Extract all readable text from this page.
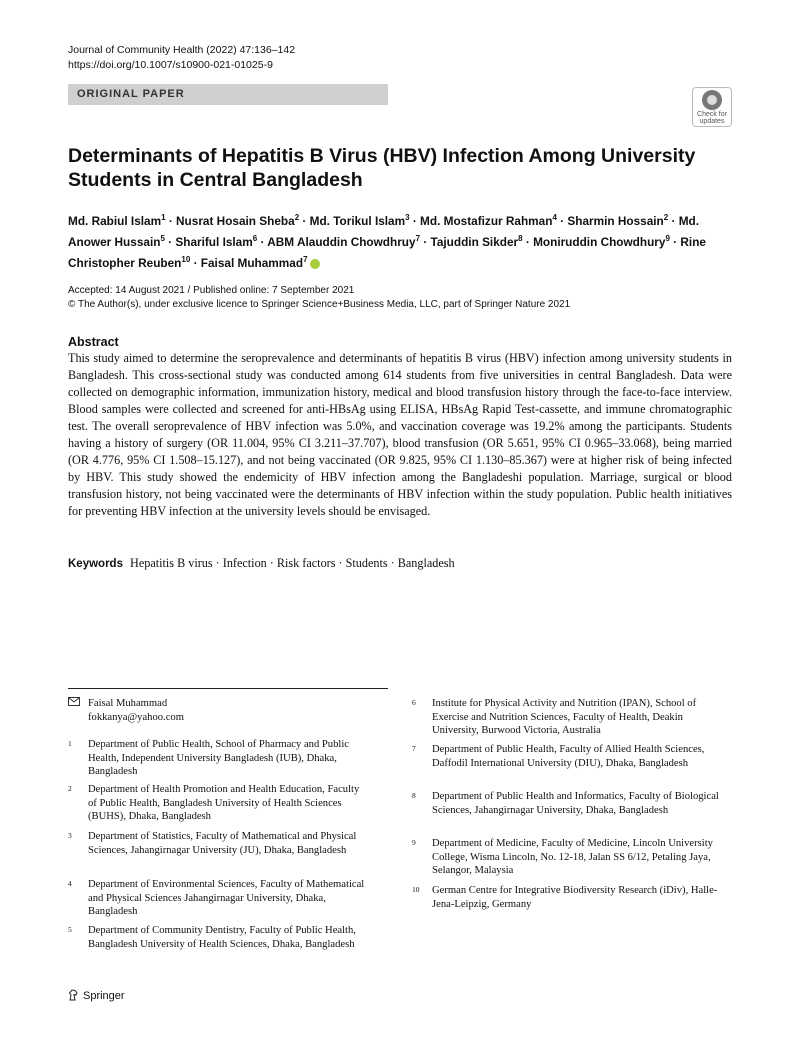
Journal of Community Health (2022) 47:136–142
https://doi.org/10.1007/s10900-021-01025-9
ORIGINAL PAPER
Check for updates
Determinants of Hepatitis B Virus (HBV) Infection Among University Students in Central Bangladesh
Md. Rabiul Islam$^1$ · Nusrat Hosain Sheba$^2$ · Md. Torikul Islam$^3$ · Md. Mostafizur Rahman$^4$ · Sharmin Hossain$^2$ · Md. Anower Hussain$^5$ · Shariful Islam$^6$ · ABM Alauddin Chowdhruy$^7$ · Tajuddin Sikder$^8$ · Moniruddin Chowdhury$^9$ · Rine Christopher Reuben$^{10}$ · Faisal Muhammad$^7$
Accepted: 14 August 2021 / Published online: 7 September 2021
© The Author(s), under exclusive licence to Springer Science+Business Media, LLC, part of Springer Nature 2021
Abstract
This study aimed to determine the seroprevalence and determinants of hepatitis B virus (HBV) infection among university students in Bangladesh. This cross-sectional study was conducted among 614 students from five universities in central Bangladesh. Data were collected on demographic information, immunization history, medical and blood transfusion history through the face-to-face interview. Blood samples were collected and screened for anti-HBsAg using ELISA, HBsAg Rapid Test-cassette, and immune chromatographic test. The overall seroprevalence of HBV infection was 5.0%, and vaccination coverage was 19.2% among the participants. Students having a history of surgery (OR 11.004, 95% CI 3.211–37.707), blood transfusion (OR 5.651, 95% CI 0.965–33.068), being married (OR 4.776, 95% CI 1.508–15.127), and not being vaccinated (OR 9.825, 95% CI 1.130–85.367) were at higher risk of being infected by HBV. This study showed the endemicity of HBV infection among the Bangladeshi population. Marriage, surgical or blood transfusion history, not being vaccinated were the determinants of HBV infection within the study population. Public health initiatives for preventing HBV infection at the university levels should be envisaged.
Keywords Hepatitis B virus · Infection · Risk factors · Students · Bangladesh
Faisal Muhammad
fokkanya@yahoo.com
1 Department of Public Health, School of Pharmacy and Public Health, Independent University Bangladesh (IUB), Dhaka, Bangladesh
2 Department of Health Promotion and Health Education, Faculty of Public Health, Bangladesh University of Health Sciences (BUHS), Dhaka, Bangladesh
3 Department of Statistics, Faculty of Mathematical and Physical Sciences, Jahangirnagar University (JU), Dhaka, Bangladesh
4 Department of Environmental Sciences, Faculty of Mathematical and Physical Sciences Jahangirnagar University, Dhaka, Bangladesh
5 Department of Community Dentistry, Faculty of Public Health, Bangladesh University of Health Sciences, Dhaka, Bangladesh
6 Institute for Physical Activity and Nutrition (IPAN), School of Exercise and Nutrition Sciences, Faculty of Health, Deakin University, Burwood Victoria, Australia
7 Department of Public Health, Faculty of Allied Health Sciences, Daffodil International University (DIU), Dhaka, Bangladesh
8 Department of Public Health and Informatics, Faculty of Biological Sciences, Jahangirnagar University, Dhaka, Bangladesh
9 Department of Medicine, Faculty of Medicine, Lincoln University College, Wisma Lincoln, No. 12-18, Jalan SS 6/12, Petaling Jaya, Selangor, Malaysia
10 German Centre for Integrative Biodiversity Research (iDiv), Halle-Jena-Leipzig, Germany
Springer
